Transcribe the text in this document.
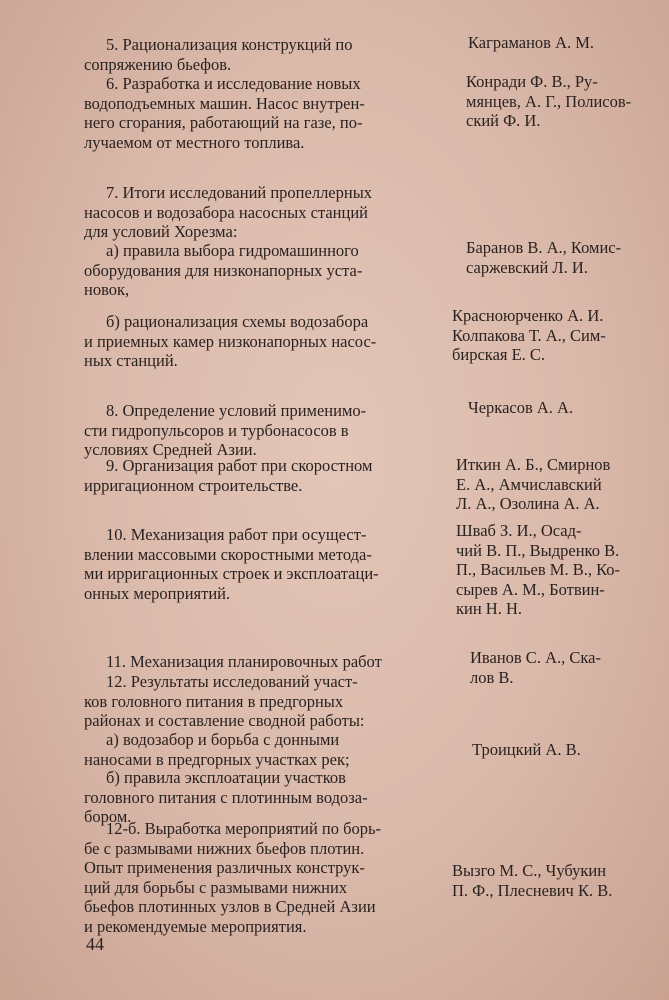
5. Рационализация конструкций по
сопряжению бьефов.
Каграманов А. М.
6. Разработка и исследование новых
водоподъемных машин. Насос внутрен-
него сгорания, работающий на газе, по-
лучаемом от местного топлива.
Конради Ф. В., Ру-
мянцев, А. Г., Полисов-
ский Ф. И.
7. Итоги исследований пропеллерных
насосов и водозабора насосных станций
для условий Хорезма:
а) правила выбора гидромашинного
оборудования для низконапорных уста-
новок,
Баранов В. А., Комис-
саржевский Л. И.
б) рационализация схемы водозабора
и приемных камер низконапорных насос-
ных станций.
Красноюрченко А. И.
Колпакова Т. А., Сим-
бирская Е. С.
8. Определение условий применимо-
сти гидропульсоров и турбонасосов в
условиях Средней Азии.
Черкасов А. А.
9. Организация работ при скоростном
ирригационном строительстве.
Иткин А. Б., Смирнов
Е. А., Амчиславский
Л. А., Озолина А. А.
10. Механизация работ при осущест-
влении массовыми скоростными метода-
ми ирригационных строек и эксплоатаци-
онных мероприятий.
Шваб З. И., Осад-
чий В. П., Выдренко В.
П., Васильев М. В., Ко-
сырев А. М., Ботвин-
кин Н. Н.
11. Механизация планировочных работ	Иванов С. А., Ска-
лов В.
12. Результаты исследований участ-
ков головного питания в предгорных
районах и составление сводной работы:
а) водозабор и борьба с донными
наносами в предгорных участках рек;
Троицкий А. В.
б) правила эксплоатации участков
головного питания с плотинным водоза-
бором.
12-б. Выработка мероприятий по борь-
бе с размывами нижних бьефов плотин.
Опыт применения различных конструк-
ций для борьбы с размывами нижних
бьефов плотинных узлов в Средней Азии
и рекомендуемые мероприятия.
Вызго М. С., Чубукин
П. Ф., Плесневич К. В.
44
